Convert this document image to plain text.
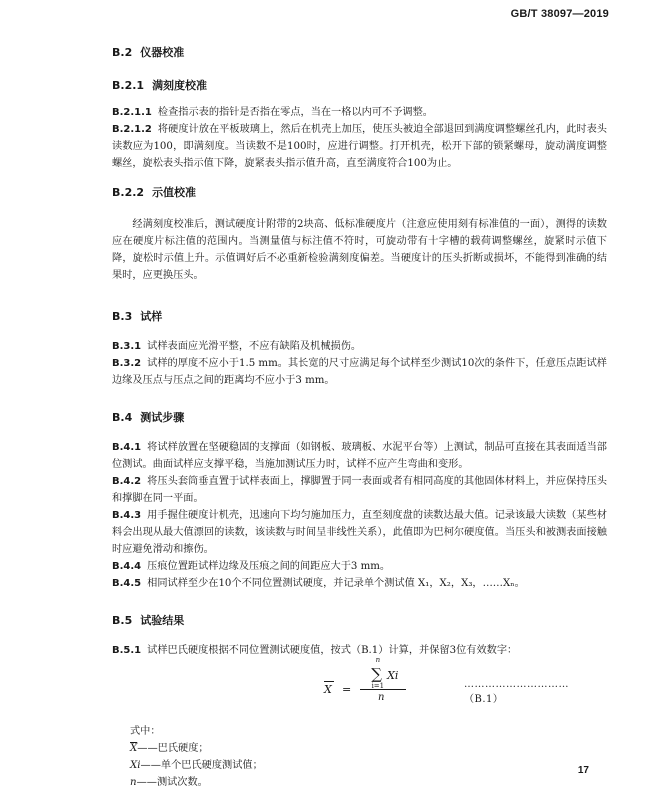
GB/T 38097—2019

B.2 仪器校准

B.2.1 满刻度校准

B.2.1.1 检查指示表的指针是否指在零点，当在一格以内可不予调整。

B.2.1.2 将硬度计放在平板玻璃上，然后在机壳上加压，使压头被迫全部退回到满度调整螺丝孔内，此时表头读数应为100，即满刻度。当读数不是100时，应进行调整。打开机壳，松开下部的锁紧螺母，旋动满度调整螺丝，旋松表头指示值下降，旋紧表头指示值升高，直至满度符合100为止。

B.2.2 示值校准

经满刻度校准后，测试硬度计附带的2块高、低标准硬度片（注意应使用刻有标准值的一面），测得的读数应在硬度片标注值的范围内。当测量值与标注值不符时，可旋动带有十字槽的载荷调整螺丝，旋紧时示值下降，旋松时示值上升。示值调好后不必重新检验满刻度偏差。当硬度计的压头折断或损坏，不能得到准确的结果时，应更换压头。

B.3 试样

B.3.1 试样表面应光滑平整，不应有缺陷及机械损伤。

B.3.2 试样的厚度不应小于1.5 mm。其长宽的尺寸应满足每个试样至少测试10次的条件下，任意压点距试样边缘及压点与压点之间的距离均不应小于3 mm。

B.4 测试步骤

B.4.1 将试样放置在坚硬稳固的支撑面（如钢板、玻璃板、水泥平台等）上测试，制品可直接在其表面适当部位测试。曲面试样应支撑平稳，当施加测试压力时，试样不应产生弯曲和变形。

B.4.2 将压头套筒垂直置于试样表面上，撑脚置于同一表面或者有相同高度的其他固体材料上，并应保持压头和撑脚在同一平面。

B.4.3 用手握住硬度计机壳，迅速向下均匀施加压力，直至刻度盘的读数达最大值。记录该最大读数（某些材料会出现从最大值漂回的读数，该读数与时间呈非线性关系），此值即为巴柯尔硬度值。当压头和被测表面接触时应避免滑动和擦伤。

B.4.4 压痕位置距试样边缘及压痕之间的间距应大于3 mm。

B.4.5 相同试样至少在10个不同位置测试硬度，并记录单个测试值 X₁，X₂，X₃，……Xₙ。

B.5 试验结果

B.5.1 试样巴氏硬度根据不同位置测试硬度值，按式（B.1）计算，并保留3位有效数字：

X =
n
∑
i=1
Xi
n
…………………………（B.1）

式中：

$\overline{X}——$巴氏硬度；

Xi——单个巴氏硬度测试值；

n——测试次数。

17
